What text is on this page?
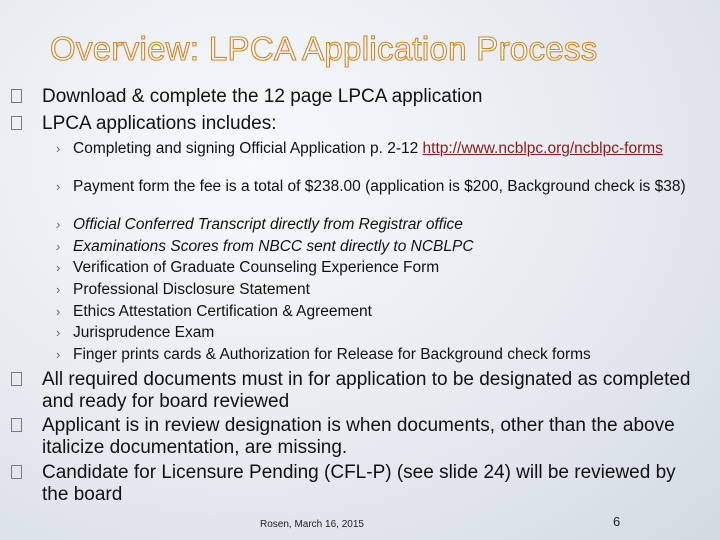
Overview: LPCA Application Process
Download & complete the 12 page LPCA application
LPCA applications includes:
› Completing and signing Official Application p. 2-12 http://www.ncblpc.org/ncblpc-forms
› Payment form the fee is a total of $238.00 (application is $200, Background check is $38)
› Official Conferred Transcript directly from Registrar office
› Examinations Scores from NBCC sent directly to NCBLPC
› Verification of Graduate Counseling Experience Form
› Professional Disclosure Statement
› Ethics Attestation Certification & Agreement
› Jurisprudence Exam
› Finger prints cards & Authorization for Release for Background check forms
All required documents must in for application to be designated as completed and ready for board reviewed
Applicant is in review designation is when documents, other than the above italicize documentation, are missing.
Candidate for Licensure Pending (CFL-P) (see slide 24) will be reviewed by the board
Rosen, March 16, 2015	6
